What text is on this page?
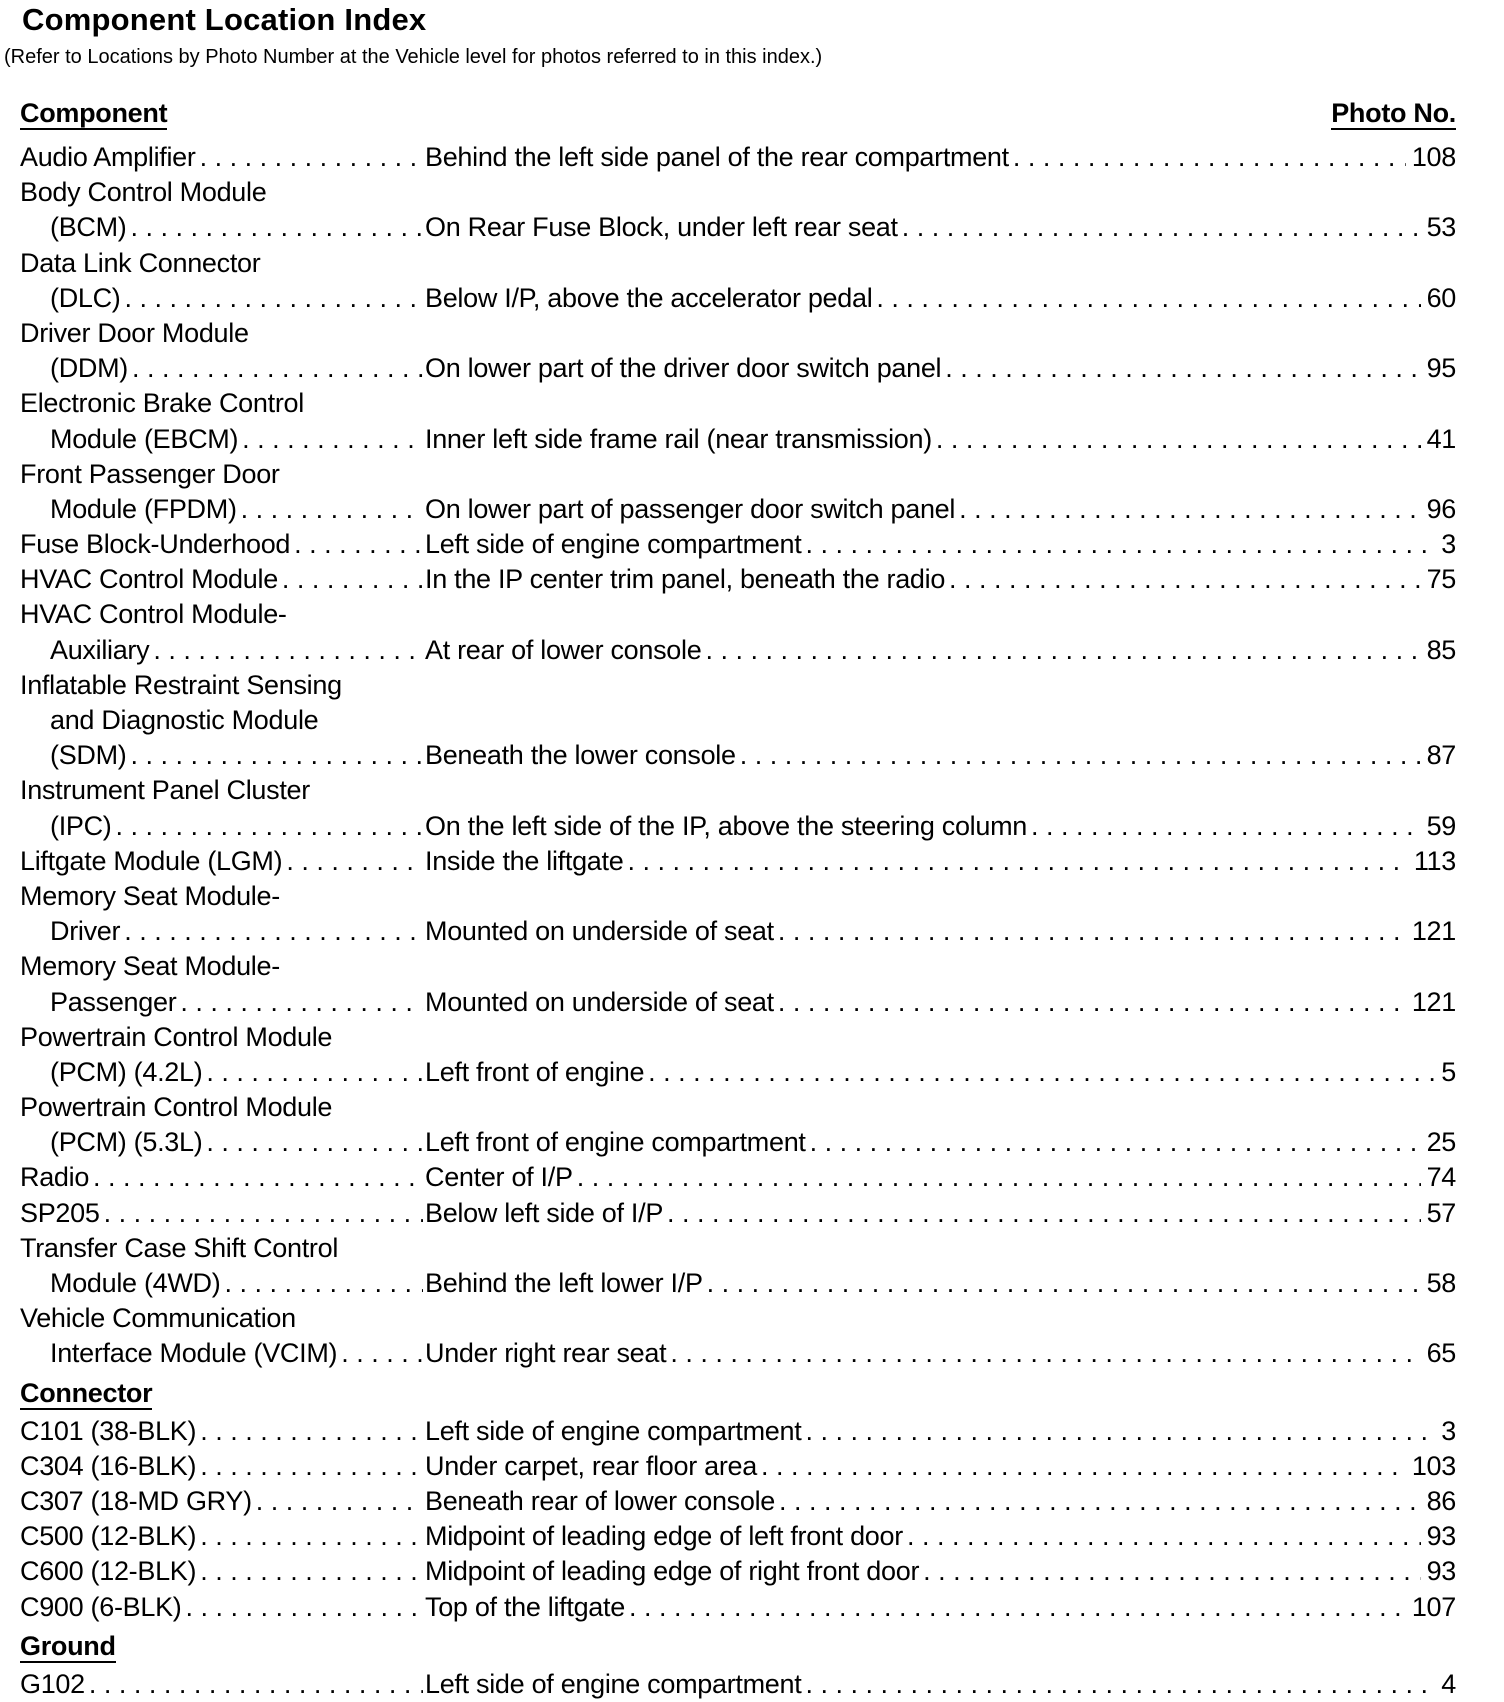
Component Location Index
(Refer to Locations by Photo Number at the Vehicle level for photos referred to in this index.)
Component	Photo No.
Audio Amplifier . . .	Behind the left side panel of the rear compartment . . .	108
Body Control Module
(BCM) . . .	On Rear Fuse Block, under left rear seat . . .	53
Data Link Connector
(DLC) . . .	Below I/P, above the accelerator pedal . . .	60
Driver Door Module
(DDM) . . .	On lower part of the driver door switch panel . . .	95
Electronic Brake Control
Module (EBCM) . . .	Inner left side frame rail (near transmission) . . .	41
Front Passenger Door
Module (FPDM) . . .	On lower part of passenger door switch panel . . .	96
Fuse Block-Underhood . . .	Left side of engine compartment . . .	3
HVAC Control Module . . .	In the IP center trim panel, beneath the radio . . .	75
HVAC Control Module-
Auxiliary . . .	At rear of lower console . . .	85
Inflatable Restraint Sensing
and Diagnostic Module
(SDM) . . .	Beneath the lower console . . .	87
Instrument Panel Cluster
(IPC) . . .	On the left side of the IP, above the steering column . . .	59
Liftgate Module (LGM) . . .	Inside the liftgate . . .	113
Memory Seat Module-
Driver . . .	Mounted on underside of seat . . .	121
Memory Seat Module-
Passenger . . .	Mounted on underside of seat . . .	121
Powertrain Control Module
(PCM) (4.2L) . . .	Left front of engine . . .	5
Powertrain Control Module
(PCM) (5.3L) . . .	Left front of engine compartment . . .	25
Radio . . .	Center of I/P . . .	74
SP205 . . .	Below left side of I/P . . .	57
Transfer Case Shift Control
Module (4WD) . . .	Behind the left lower I/P . . .	58
Vehicle Communication
Interface Module (VCIM) . . .	Under right rear seat . . .	65
Connector
C101 (38-BLK) . . .	Left side of engine compartment . . .	3
C304 (16-BLK) . . .	Under carpet, rear floor area . . .	103
C307 (18-MD GRY) . . .	Beneath rear of lower console . . .	86
C500 (12-BLK) . . .	Midpoint of leading edge of left front door . . .	93
C600 (12-BLK) . . .	Midpoint of leading edge of right front door . . .	93
C900 (6-BLK) . . .	Top of the liftgate . . .	107
Ground
G102 . . .	Left side of engine compartment . . .	4
